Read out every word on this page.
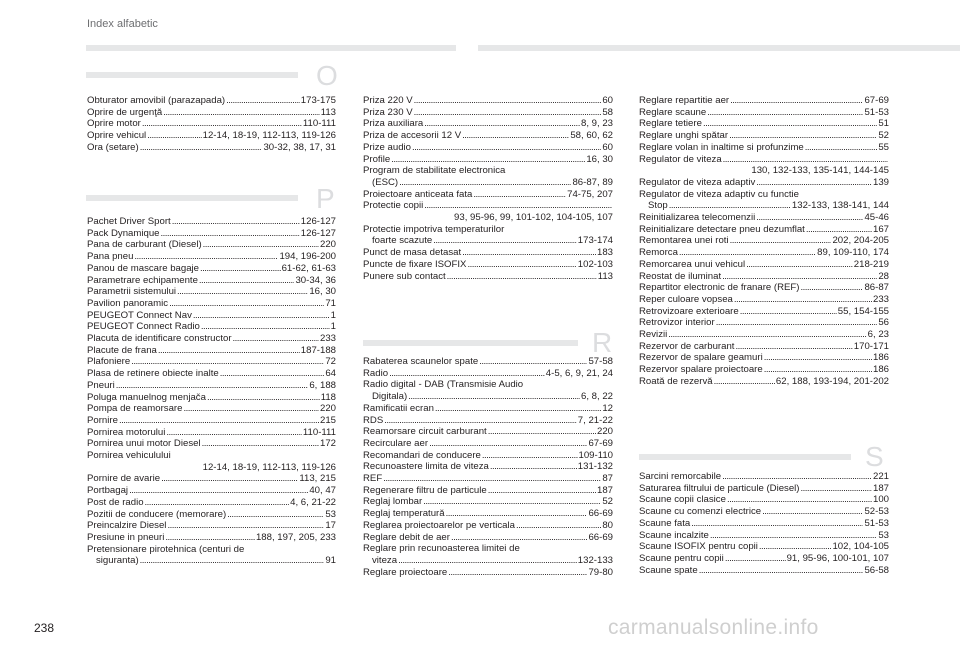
Index alfabetic
O
P
R
S
Obturator amovibil (parazapada) . . .	173-175
Oprire de urgenţă . . .	113
Oprire motor . . .	110-111
Oprire vehicul . . .	12-14, 18-19, 112-113, 119-126
Ora (setare) . . .	30-32, 38, 17, 31
Pachet Driver Sport . . .	126-127
Pack Dynamique . . .	126-127
Pana de carburant (Diesel) . . .	220
Pana pneu . . .	194, 196-200
Panou de mascare bagaje . . .	61-62, 61-63
Parametrare echipamente . . .	30-34, 36
Parametrii sistemului . . .	16, 30
Pavilion panoramic . . .	71
PEUGEOT Connect Nav . . .	1
PEUGEOT Connect Radio . . .	1
Placuta de identificare constructor . . .	233
Placute de frana . . .	187-188
Plafoniere . . .	72
Plasa de retinere obiecte inalte . . .	64
Pneuri . . .	6, 188
Poluga manuelnog menjača . . .	118
Pompa de reamorsare . . .	220
Pornire . . .	215
Pornirea motorului . . .	110-111
Pornirea unui motor Diesel . . .	172
Pornirea vehiculului
12-14, 18-19, 112-113, 119-126
Pornire de avarie . . .	113, 215
Portbagaj . . .	40, 47
Post de radio . . .	4, 6, 21-22
Pozitii de conducere (memorare) . . .	53
Preincalzire Diesel . . .	17
Presiune in pneuri . . .	188, 197, 205, 233
Pretensionare pirotehnica (centuri de
siguranta) . . .	91
Priza 220 V . . .	60
Priza 230 V . . .	58
Priza auxiliara . . .	8, 9, 23
Priza de accesorii 12 V . . .	58, 60, 62
Prize audio . . .	60
Profile . . .	16, 30
Program de stabilitate electronica
(ESC) . . .	86-87, 89
Proiectoare anticeata fata . . .	74-75, 207
Protectie copii
. . .
93, 95-96, 99, 101-102, 104-105, 107
Protectie impotriva temperaturilor
foarte scazute . . .	173-174
Punct de masa detasat . . .	183
Puncte de fixare ISOFIX . . .	102-103
Punere sub contact . . .	113
Rabaterea scaunelor spate . . .	57-58
Radio . . .	4-5, 6, 9, 21, 24
Radio digital - DAB (Transmisie Audio
Digitala) . . .	6, 8, 22
Ramificatii ecran . . .	12
RDS . . .	7, 21-22
Reamorsare circuit carburant . . .	220
Recirculare aer . . .	67-69
Recomandari de conducere . . .	109-110
Recunoastere limita de viteza . . .	131-132
REF . . .	87
Regenerare filtru de particule . . .	187
Reglaj lombar . . .	52
Reglaj temperatură . . .	66-69
Reglarea proiectoarelor pe verticala . . .	80
Reglare debit de aer . . .	66-69
Reglare prin recunoasterea limitei de
viteza . . .	132-133
Reglare proiectoare . . .	79-80
Reglare repartitie aer . . .	67-69
Reglare scaune . . .	51-53
Reglare tetiere . . .	51
Reglare unghi spătar . . .	52
Reglare volan in inaltime si profunzime . . .	55
Regulator de viteza
. . .
130, 132-133, 135-141, 144-145
Regulator de viteza adaptiv . . .	139
Regulator de viteza adaptiv cu functie
Stop . . .	132-133, 138-141, 144
Reinitializarea telecomenzii . . .	45-46
Reinitializare detectare pneu dezumflat . . .	167
Remontarea unei roti . . .	202, 204-205
Remorca . . .	89, 109-110, 174
Remorcarea unui vehicul . . .	218-219
Reostat de iluminat . . .	28
Repartitor electronic de franare (REF) . . .	86-87
Reper culoare vopsea . . .	233
Retrovizoare exterioare . . .	55, 154-155
Retrovizor interior . . .	56
Revizii . . .	6, 23
Rezervor de carburant . . .	170-171
Rezervor de spalare geamuri . . .	186
Rezervor spalare proiectoare . . .	186
Roată de rezervă . . .	62, 188, 193-194, 201-202
Sarcini remorcabile . . .	221
Saturarea filtrului de particule (Diesel) . . .	187
Scaune copii clasice . . .	100
Scaune cu comenzi electrice . . .	52-53
Scaune fata . . .	51-53
Scaune incalzite . . .	53
Scaune ISOFIX pentru copii . . .	102, 104-105
Scaune pentru copii . . .	91, 95-96, 100-101, 107
Scaune spate . . .	56-58
238	carmanualsonline.info
